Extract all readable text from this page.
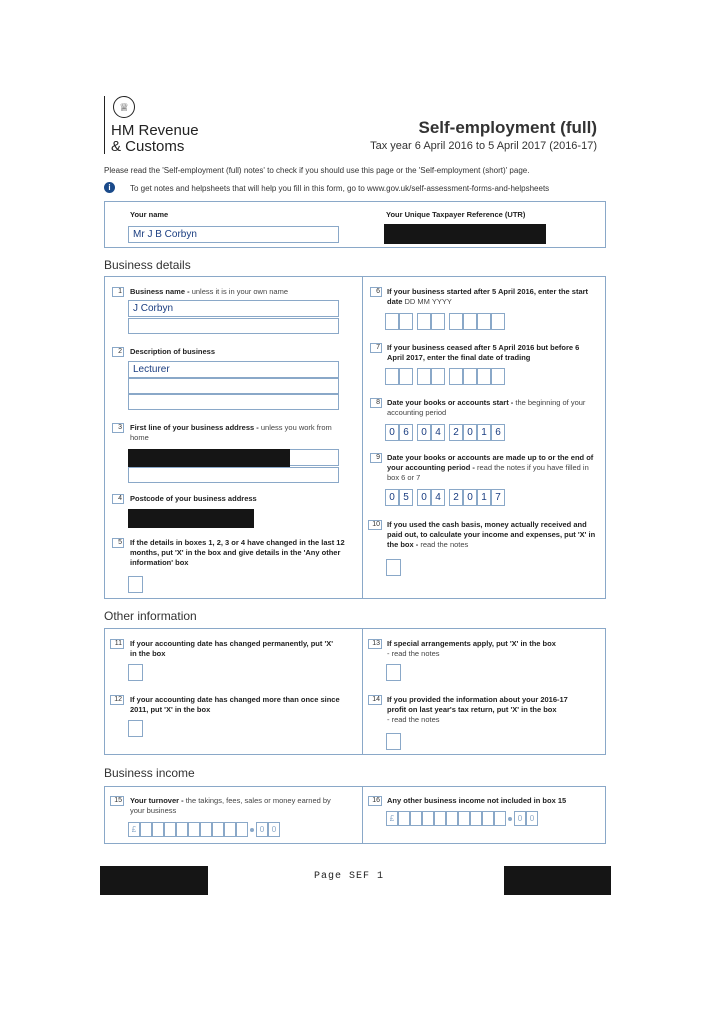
♕
HM Revenue
& Customs
Self-employment (full)
Tax year 6 April 2016 to 5 April 2017 (2016-17)
Please read the 'Self-employment (full) notes' to check if you should use this page or the 'Self-employment (short)' page.
i	To get notes and helpsheets that will help you fill in this form, go to www.gov.uk/self-assessment-forms-and-helpsheets
Your name
Mr J B Corbyn
Your Unique Taxpayer Reference (UTR)
Business details
1 Business name - unless it is in your own name
J Corbyn
2 Description of business
Lecturer
3 First line of your business address - unless you work from home
4 Postcode of your business address
5 If the details in boxes 1, 2, 3 or 4 have changed in the last 12 months, put 'X' in the box and give details in the 'Any other information' box
6 If your business started after 5 April 2016, enter the start date DD MM YYYY
7 If your business ceased after 5 April 2016 but before 6 April 2017, enter the final date of trading
8 Date your books or accounts start - the beginning of your accounting period
0 6	0 4	2 0 1 6
9 Date your books or accounts are made up to or the end of your accounting period - read the notes if you have filled in box 6 or 7
0 5	0 4	2 0 1 7
10 If you used the cash basis, money actually received and paid out, to calculate your income and expenses, put 'X' in the box - read the notes
Other information
11 If your accounting date has changed permanently, put 'X' in the box
12 If your accounting date has changed more than once since 2011, put 'X' in the box
13 If special arrangements apply, put 'X' in the box
- read the notes
14 If you provided the information about your 2016-17 profit on last year's tax return, put 'X' in the box
- read the notes
Business income
15 Your turnover - the takings, fees, sales or money earned by your business
£	0 0
16 Any other business income not included in box 15
£	0 0
Page SEF 1
